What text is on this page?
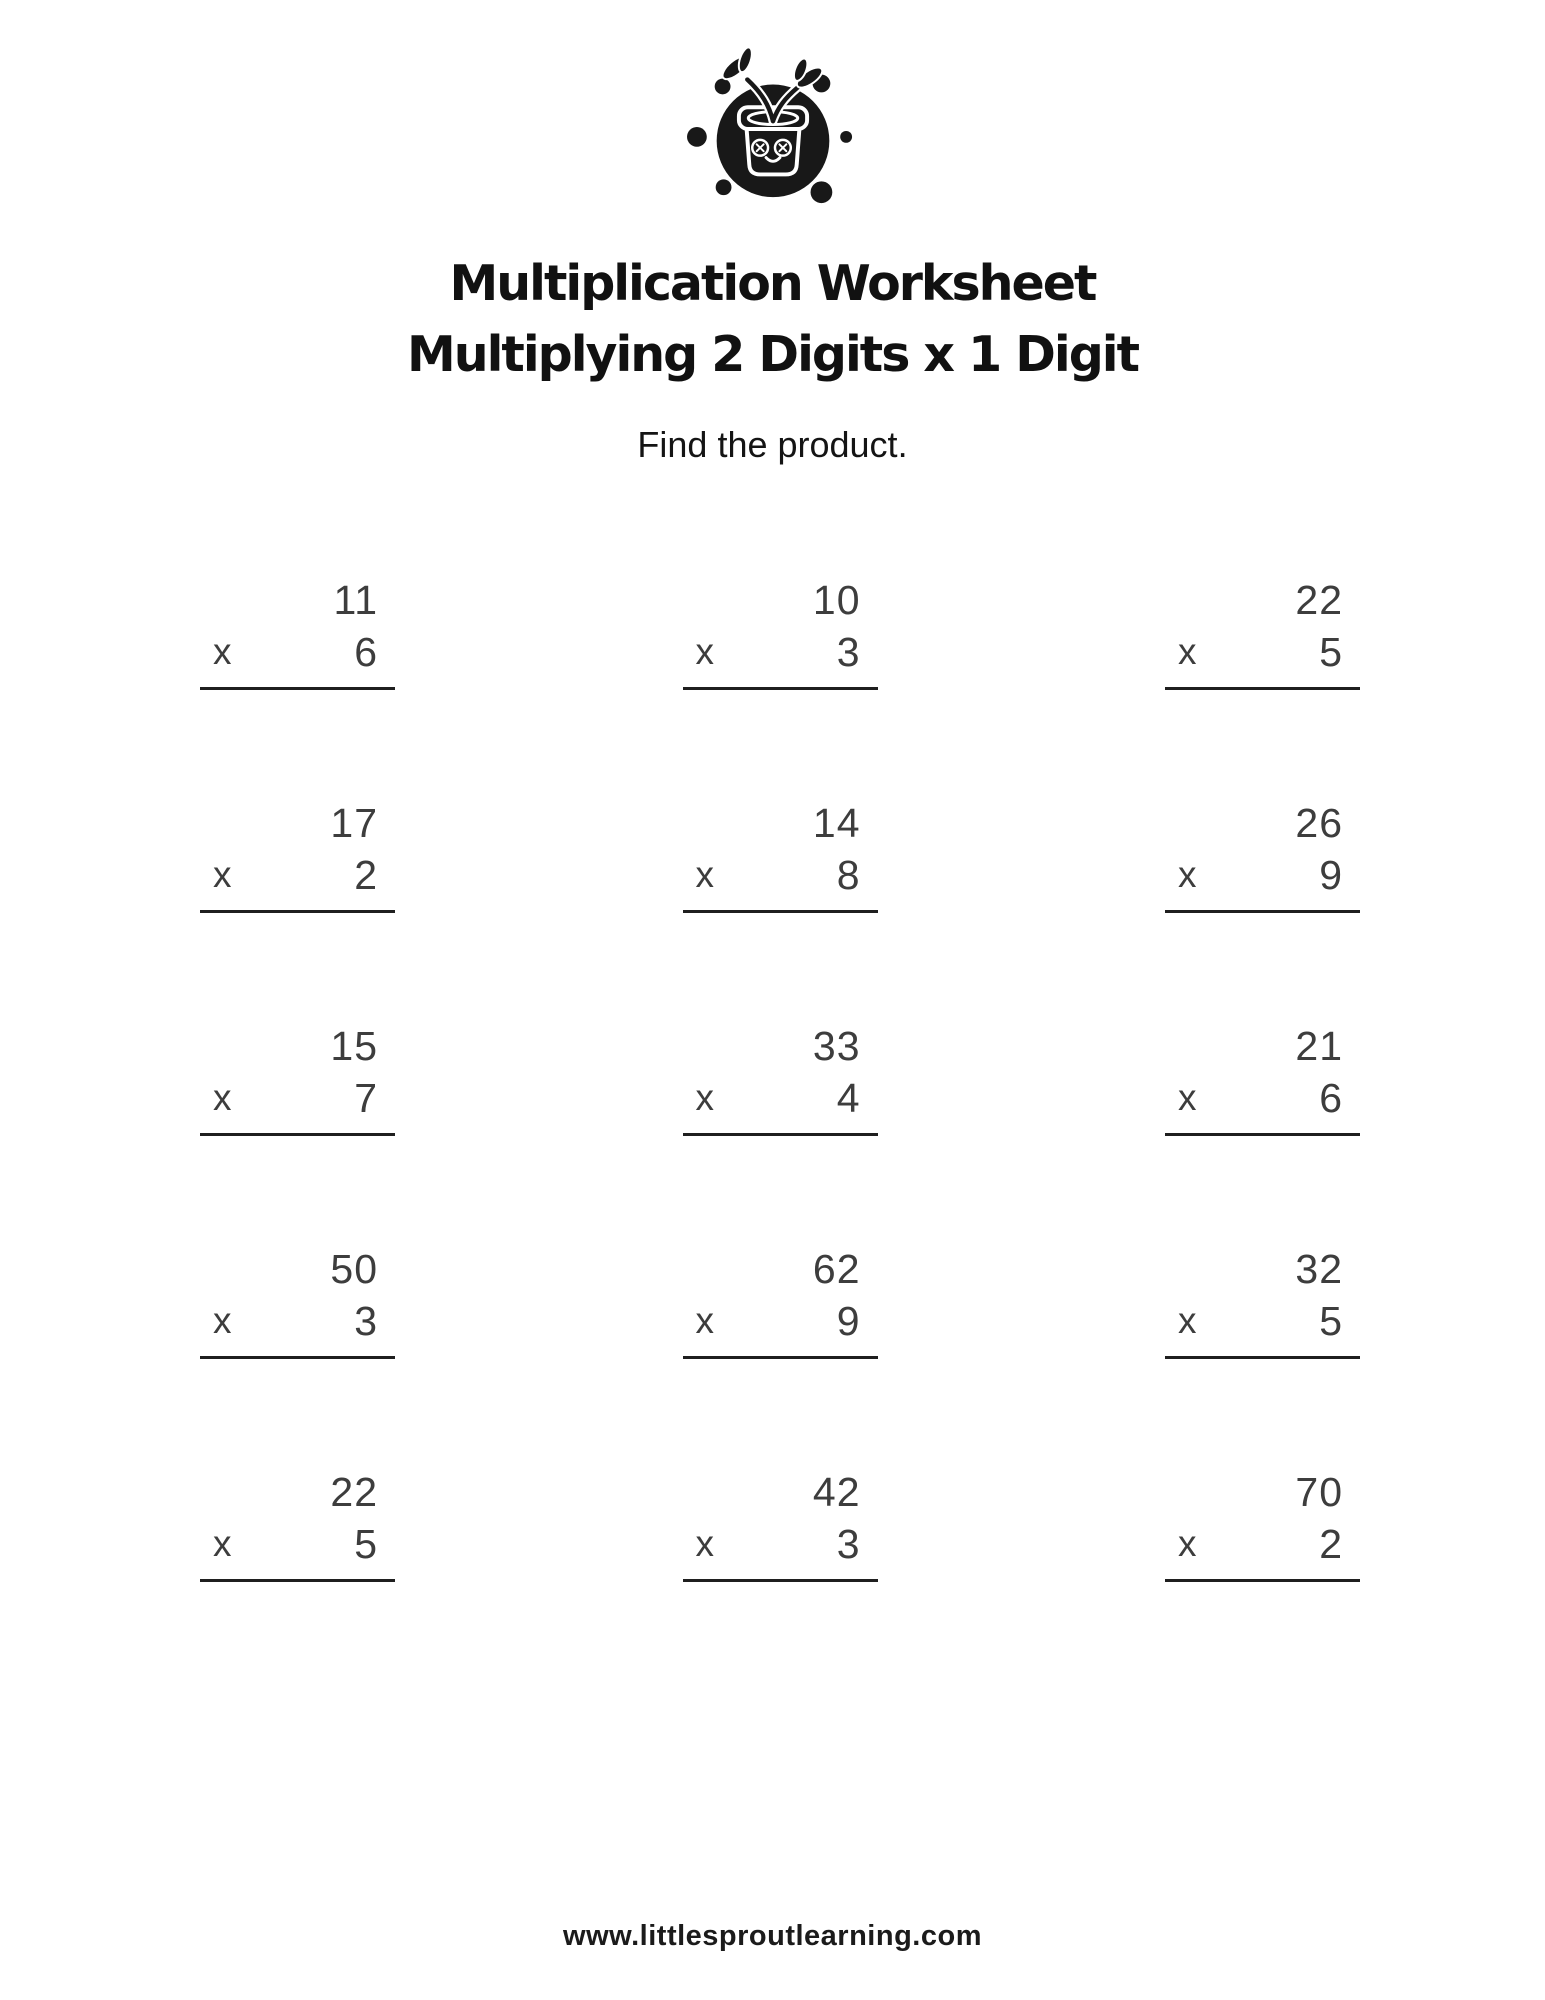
Multiplication Worksheet
Multiplying 2 Digits x 1 Digit
Find the product.
11
x	6
10
x	3
22
x	5
17
x	2
14
x	8
26
x	9
15
x	7
33
x	4
21
x	6
50
x	3
62
x	9
32
x	5
22
x	5
42
x	3
70
x	2
www.littlesproutlearning.com
